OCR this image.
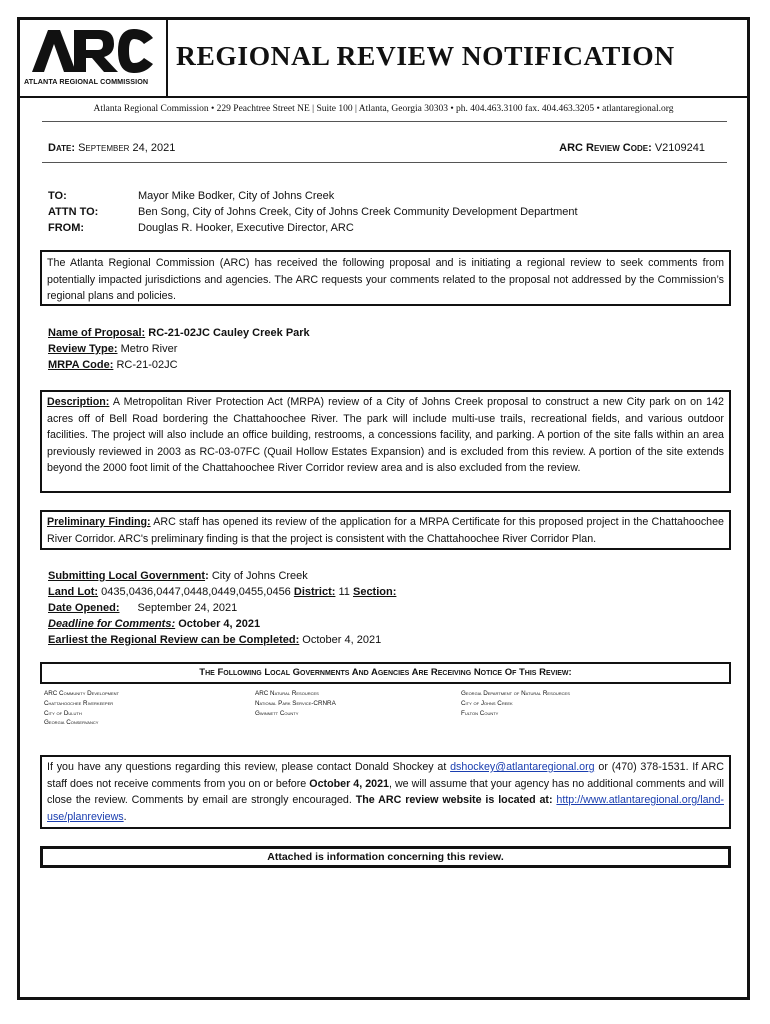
ATLANTA REGIONAL COMMISSION
REGIONAL REVIEW NOTIFICATION
Atlanta Regional Commission • 229 Peachtree Street NE | Suite 100 | Atlanta, Georgia 30303 • ph. 404.463.3100 fax. 404.463.3205 • atlantaregional.org
Date: September 24, 2021	ARC Review Code: V2109241
TO:	Mayor Mike Bodker, City of Johns Creek
ATTN TO:	Ben Song, City of Johns Creek, City of Johns Creek Community Development Department
FROM:	Douglas R. Hooker, Executive Director, ARC
The Atlanta Regional Commission (ARC) has received the following proposal and is initiating a regional review to seek comments from potentially impacted jurisdictions and agencies. The ARC requests your comments related to the proposal not addressed by the Commission’s regional plans and policies.
Name of Proposal: RC-21-02JC Cauley Creek Park
Review Type: Metro River
MRPA Code: RC-21-02JC
Description: A Metropolitan River Protection Act (MRPA) review of a City of Johns Creek proposal to construct a new City park on on 142 acres off of Bell Road bordering the Chattahoochee River. The park will include multi-use trails, recreational fields, and various outdoor facilities. The project will also include an office building, restrooms, a concessions facility, and parking. A portion of the site falls within an area previously reviewed in 2003 as RC-03-07FC (Quail Hollow Estates Expansion) and is excluded from this review. A portion of the site extends beyond the 2000 foot limit of the Chattahoochee River Corridor review area and is also excluded from the review.
Preliminary Finding: ARC staff has opened its review of the application for a MRPA Certificate for this proposed project in the Chattahoochee River Corridor. ARC's preliminary finding is that the project is consistent with the Chattahoochee River Corridor Plan.
Submitting Local Government: City of Johns Creek
Land Lot: 0435,0436,0447,0448,0449,0455,0456 District: 11 Section:
Date Opened: September 24, 2021
Deadline for Comments: October 4, 2021
Earliest the Regional Review can be Completed: October 4, 2021
The Following Local Governments And Agencies Are Receiving Notice Of This Review:
ARC Community Development
Chattahoochee Riverkeeper
City of Duluth
Georgia Conservancy
ARC Natural Resources
National Park Service-CRNRA
Gwinnett County
Georgia Department of Natural Resources
City of Johns Creek
Fulton County
If you have any questions regarding this review, please contact Donald Shockey at dshockey@atlantaregional.org or (470) 378-1531. If ARC staff does not receive comments from you on or before October 4, 2021, we will assume that your agency has no additional comments and will close the review. Comments by email are strongly encouraged. The ARC review website is located at: http://www.atlantaregional.org/land-use/planreviews.
Attached is information concerning this review.
